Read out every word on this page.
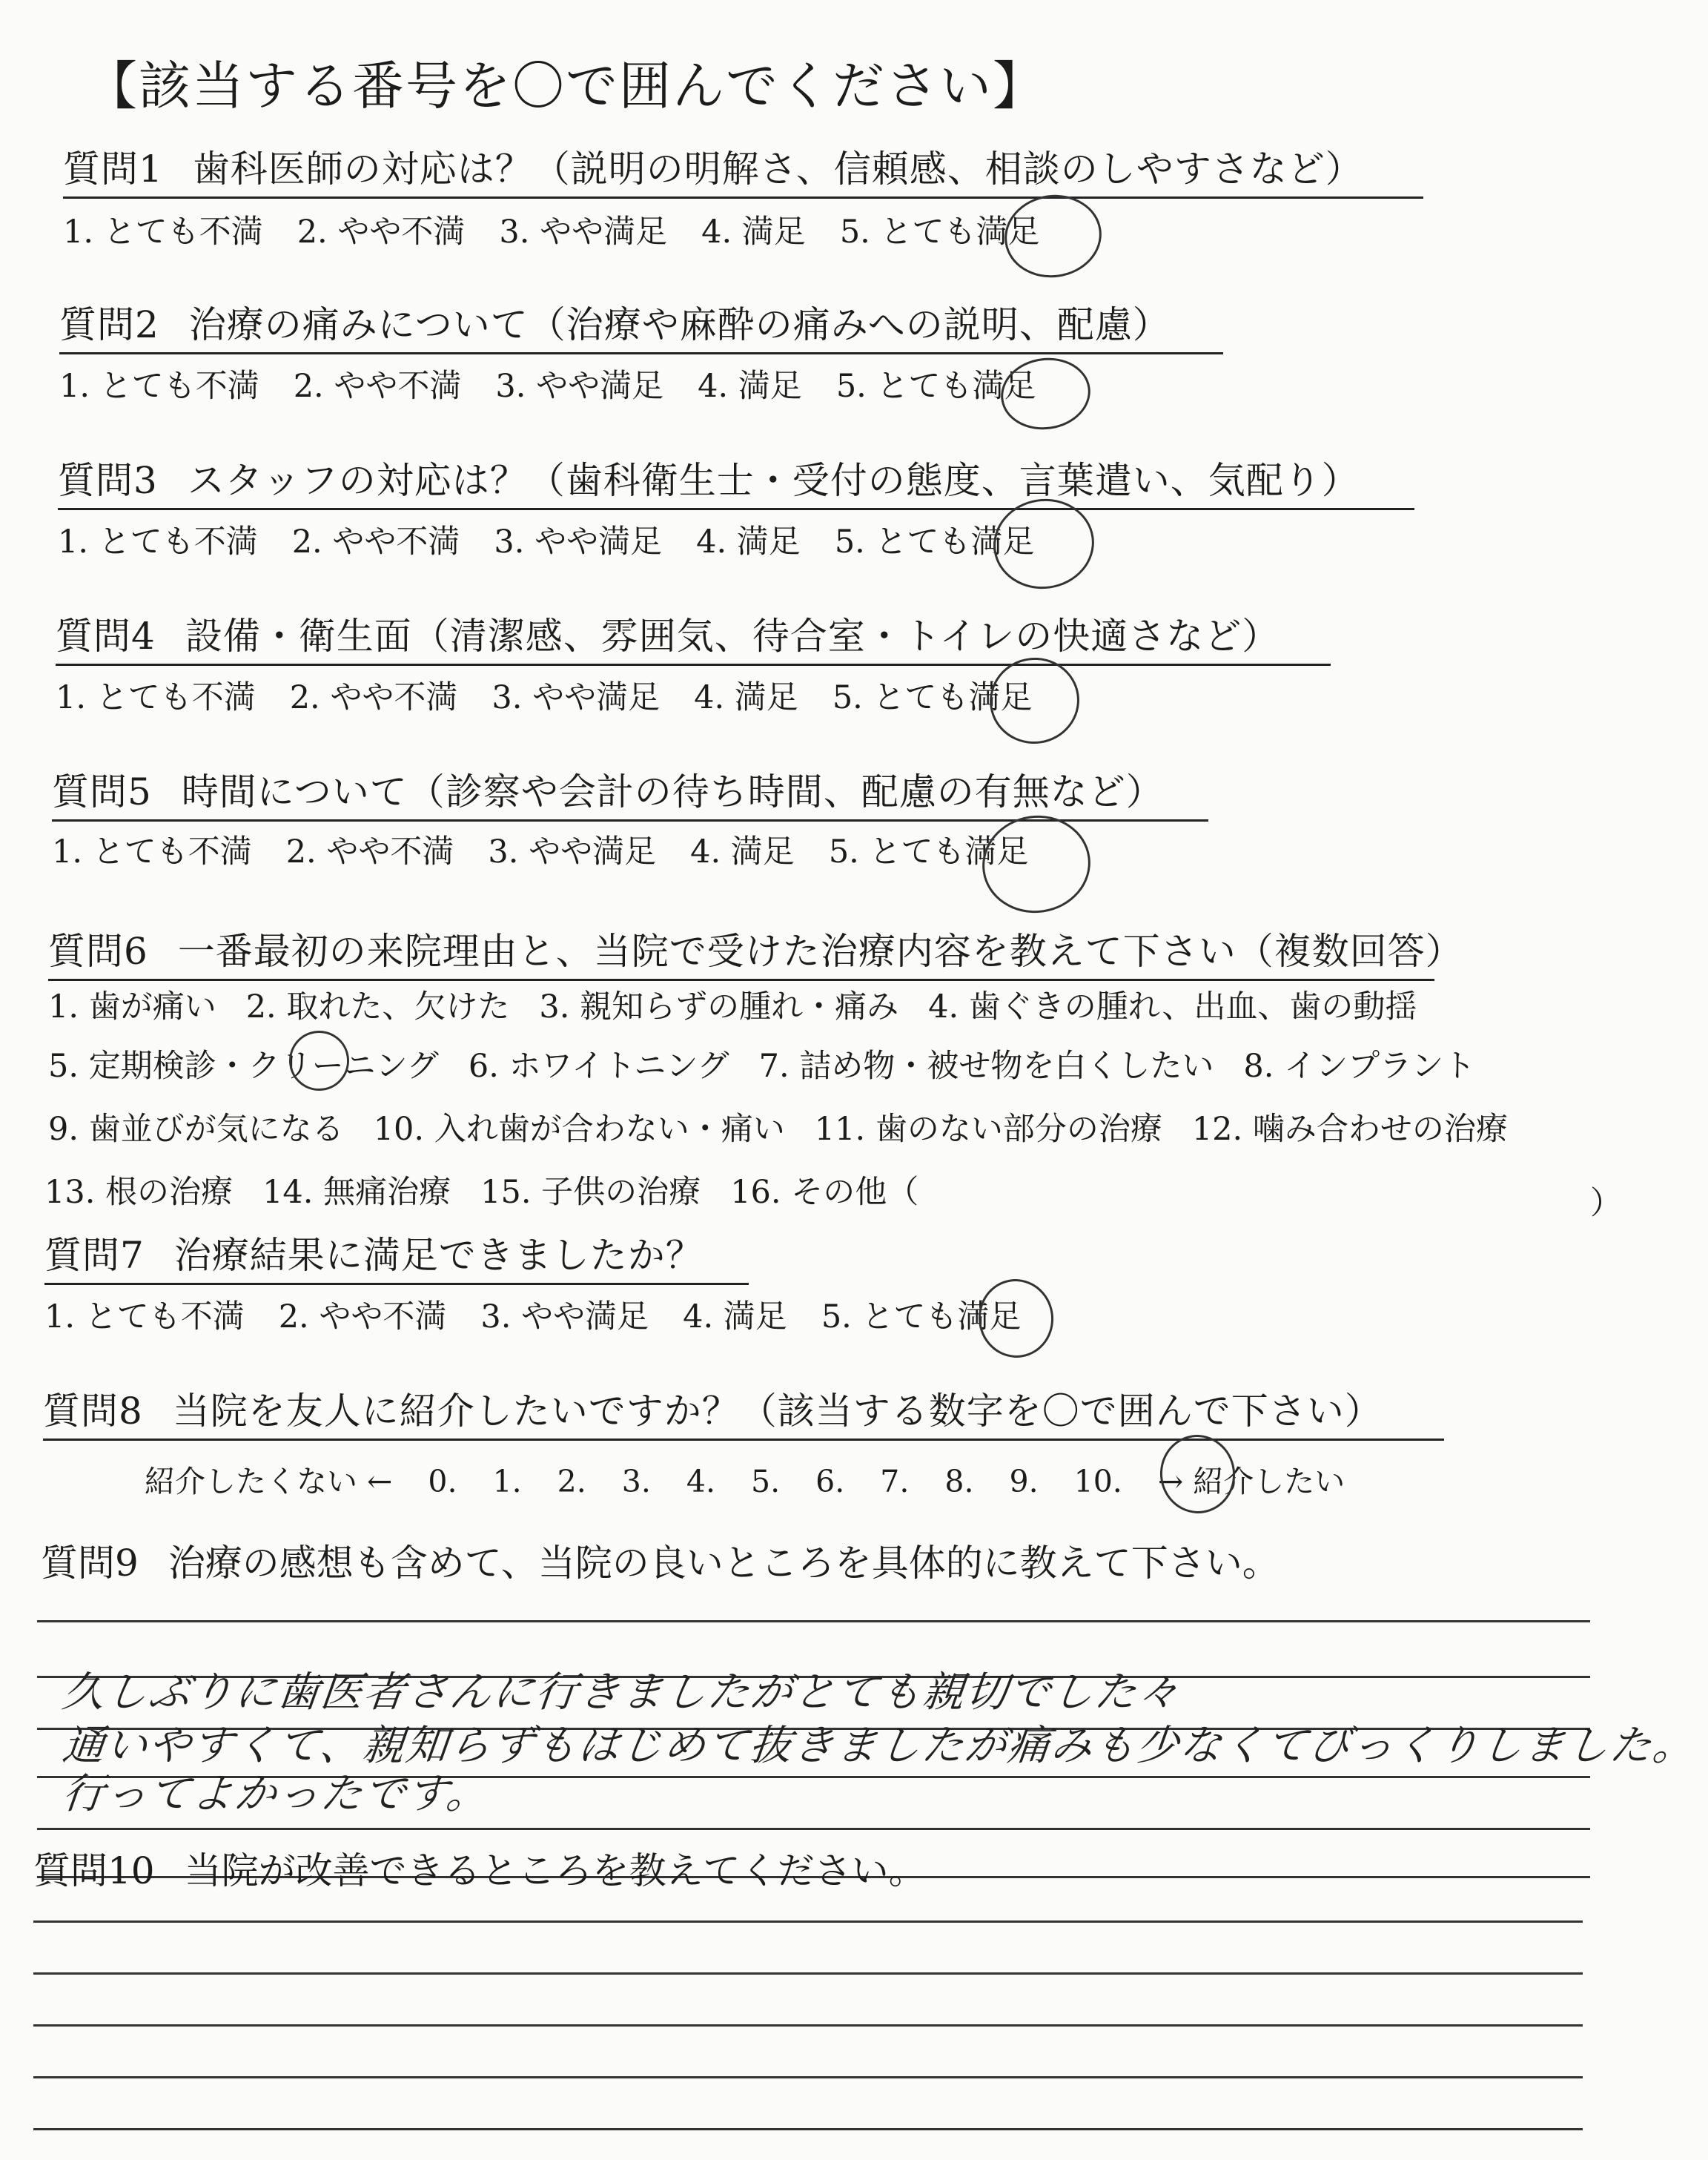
【該当する番号を〇で囲んでください】
質問1 歯科医師の対応は？（説明の明解さ、信頼感、相談のしやすさなど）
1. とても不満 2. やや不満 3. やや満足 4. 満足 5. とても満足
質問2 治療の痛みについて（治療や麻酔の痛みへの説明、配慮）
1. とても不満 2. やや不満 3. やや満足 4. 満足 5. とても満足
質問3 スタッフの対応は？（歯科衛生士・受付の態度、言葉遣い、気配り）
1. とても不満 2. やや不満 3. やや満足 4. 満足 5. とても満足
質問4 設備・衛生面（清潔感、雰囲気、待合室・トイレの快適さなど）
1. とても不満 2. やや不満 3. やや満足 4. 満足 5. とても満足
質問5 時間について（診察や会計の待ち時間、配慮の有無など）
1. とても不満 2. やや不満 3. やや満足 4. 満足 5. とても満足
質問6 一番最初の来院理由と、当院で受けた治療内容を教えて下さい（複数回答）
1. 歯が痛い 2. 取れた、欠けた 3. 親知らずの腫れ・痛み 4. 歯ぐきの腫れ、出血、歯の動揺
5. 定期検診・クリーニング 6. ホワイトニング 7. 詰め物・被せ物を白くしたい 8. インプラント
9. 歯並びが気になる 10. 入れ歯が合わない・痛い 11. 歯のない部分の治療 12. 噛み合わせの治療
13. 根の治療 14. 無痛治療 15. 子供の治療 16. その他（	）
質問7 治療結果に満足できましたか？
1. とても不満 2. やや不満 3. やや満足 4. 満足 5. とても満足
質問8 当院を友人に紹介したいですか？（該当する数字を〇で囲んで下さい）
紹介したくない ← 0. 1. 2. 3. 4. 5. 6. 7. 8. 9. 10. → 紹介したい
質問9 治療の感想も含めて、当院の良いところを具体的に教えて下さい。
久しぶりに歯医者さんに行きましたがとても親切でした々
通いやすくて、親知らずもはじめて抜きましたが痛みも少なくてびっくりしました。
行ってよかったです。
質問10 当院が改善できるところを教えてください。
